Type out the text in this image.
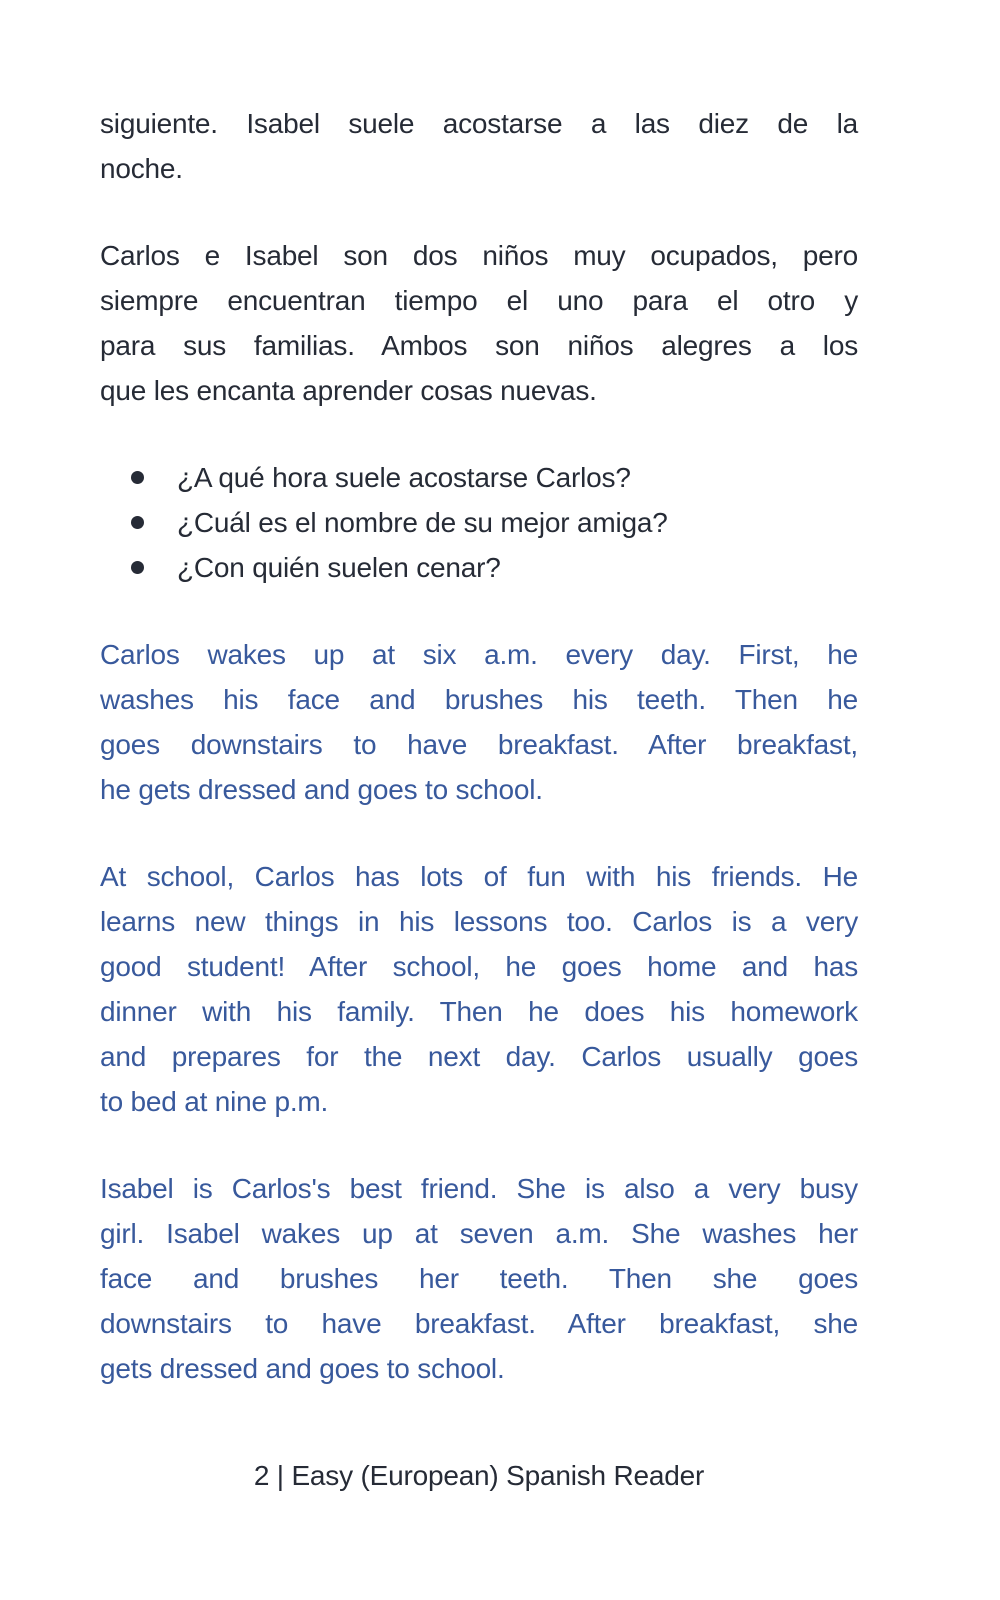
siguiente. Isabel suele acostarse a las diez de la
noche.
Carlos e Isabel son dos niños muy ocupados, pero
siempre encuentran tiempo el uno para el otro y
para sus familias. Ambos son niños alegres a los
que les encanta aprender cosas nuevas.
¿A qué hora suele acostarse Carlos?
¿Cuál es el nombre de su mejor amiga?
¿Con quién suelen cenar?
Carlos wakes up at six a.m. every day. First, he
washes his face and brushes his teeth. Then he
goes downstairs to have breakfast. After breakfast,
he gets dressed and goes to school.
At school, Carlos has lots of fun with his friends. He
learns new things in his lessons too. Carlos is a very
good student! After school, he goes home and has
dinner with his family. Then he does his homework
and prepares for the next day. Carlos usually goes
to bed at nine p.m.
Isabel is Carlos's best friend. She is also a very busy
girl. Isabel wakes up at seven a.m. She washes her
face and brushes her teeth. Then she goes
downstairs to have breakfast. After breakfast, she
gets dressed and goes to school.
2 | Easy (European) Spanish Reader
